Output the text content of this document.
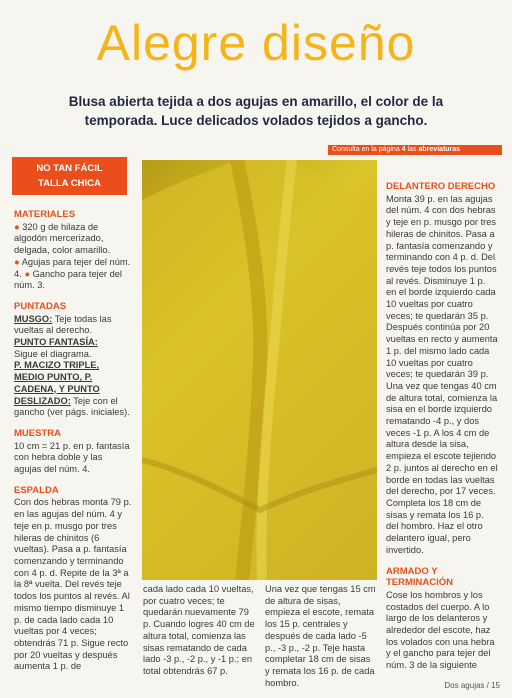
Alegre diseño
Blusa abierta tejida a dos agujas en amarillo, el color de la temporada. Luce delicados volados tejidos a gancho.
Consulta en la página 4 las abreviaturas
NO TAN FÁCIL
TALLA CHICA

MATERIALES

● 320 g de hilaza de algodón mercerizado, delgada, color amarillo.

● Agujas para tejer del núm. 4. ● Gancho para tejer del núm. 3.

PUNTADAS

MUSGO: Teje todas las vueltas al derecho.

PUNTO FANTASÍA:
Sigue el diagrama.

P. MACIZO TRIPLE, MEDIO PUNTO, P. CADENA, Y PUNTO DESLIZADO: Teje con el gancho (ver págs. iniciales).

MUESTRA

10 cm = 21 p. en p. fantasía con hebra doble y las agujas del núm. 4.

ESPALDA

Con dos hebras monta 79 p. en las agujas del núm. 4 y teje en p. musgo por tres hileras de chinitos (6 vueltas). Pasa a p. fantasía comenzando y terminando con 4 p. d. Repite de la 3ª a la 8ª vuelta. Del revés teje todos los puntos al revés. Al mismo tiempo disminuye 1 p. de cada lado cada 10 vueltas por 4 veces; obtendrás 71 p. Sigue recto por 20 vueltas y después aumenta 1 p. de

cada lado cada 10 vueltas, por cuatro veces; te quedarán nuevamente 79 p. Cuando logres 40 cm de altura total, comienza las sisas rematando de cada lado -3 p., -2 p., y -1 p.; en total obtendrás 67 p.

Una vez que tengas 15 cm de altura de sisas, empieza el escote, remata los 15 p. centrales y después de cada lado -5 p., -3 p., -2 p. Teje hasta completar 18 cm de sisas y remata los 16 p. de cada hombro.

DELANTERO DERECHO

Monta 39 p. en las agujas del núm. 4 con dos hebras y teje en p. musgo por tres hileras de chinitos. Pasa a p. fantasía comenzando y terminando con 4 p. d. Del revés teje todos los puntos al revés. Disminuye 1 p. en el borde izquierdo cada 10 vueltas por cuatro veces; te quedarán 35 p. Después continúa por 20 vueltas en recto y aumenta 1 p. del mismo lado cada 10 vueltas por cuatro veces; te quedarán 39 p. Una vez que tengas 40 cm de altura total, comienza la sisa en el borde izquierdo rematando -4 p., y dos veces -1 p. A los 4 cm de altura desde la sisa, empieza el escote tejiendo 2 p. juntos al derecho en el borde en todas las vueltas del derecho, por 17 veces. Completa los 18 cm de sisas y remata los 16 p. del hombro. Haz el otro delantero igual, pero invertido.

ARMADO Y TERMINACIÓN

Cose los hombros y los costados del cuerpo. A lo largo de los delanteros y alrededor del escote, haz los volados con una hebra y el gancho para tejer del núm. 3 de la siguiente

Dos agujas / 15
